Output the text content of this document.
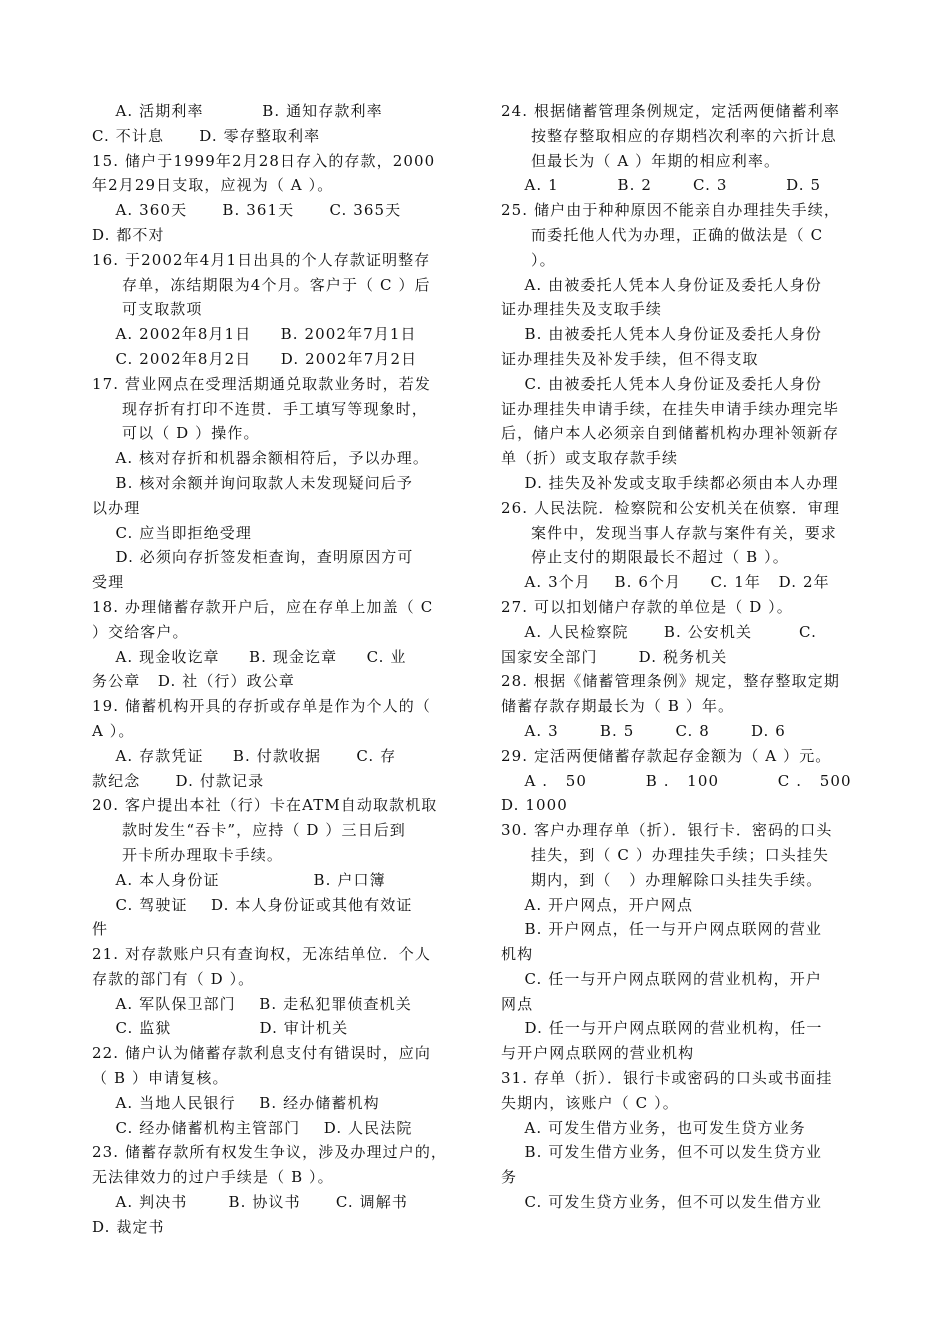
A. 活期利率          B. 通知存款利率
C. 不计息      D. 零存整取利率
15. 储户于1999年2月28日存入的存款，2000
年2月29日支取，应视为（ A ）。
A. 360天      B. 361天      C. 365天
D. 都不对
16. 于2002年4月1日出具的个人存款证明整存
存单，冻结期限为4个月。客户于（ C ）后
可支取款项
A. 2002年8月1日     B. 2002年7月1日
C. 2002年8月2日     D. 2002年7月2日
17. 营业网点在受理活期通兑取款业务时，若发
现存折有打印不连贯．手工填写等现象时，
可以（ D ）操作。
A. 核对存折和机器余额相符后，予以办理。
B. 核对余额并询问取款人未发现疑问后予
以办理
C. 应当即拒绝受理
D. 必须向存折签发柜查询，查明原因方可
受理
18. 办理储蓄存款开户后，应在存单上加盖（ C
）交给客户。
A. 现金收讫章     B. 现金讫章     C. 业
务公章   D. 社（行）政公章
19. 储蓄机构开具的存折或存单是作为个人的（
A ）。
A. 存款凭证     B. 付款收据      C. 存
款纪念      D. 付款记录
20. 客户提出本社（行）卡在ATM自动取款机取
款时发生“吞卡”，应持（ D ）三日后到
开卡所办理取卡手续。
A. 本人身份证                B. 户口簿
C. 驾驶证    D. 本人身份证或其他有效证
件
21. 对存款账户只有查询权，无冻结单位．个人
存款的部门有（ D ）。
A. 军队保卫部门    B. 走私犯罪侦查机关
C. 监狱               D. 审计机关
22. 储户认为储蓄存款利息支付有错误时，应向
（ B ）申请复核。
A. 当地人民银行    B. 经办储蓄机构
C. 经办储蓄机构主管部门    D. 人民法院
23. 储蓄存款所有权发生争议，涉及办理过户的，
无法律效力的过户手续是（ B ）。
A. 判决书       B. 协议书      C. 调解书
D. 裁定书
24. 根据储蓄管理条例规定，定活两便储蓄利率
按整存整取相应的存期档次利率的六折计息
但最长为（ A ）年期的相应利率。
A. 1          B. 2       C. 3          D. 5
25. 储户由于种种原因不能亲自办理挂失手续，
而委托他人代为办理，正确的做法是（ C
）。
A. 由被委托人凭本人身份证及委托人身份
证办理挂失及支取手续
B. 由被委托人凭本人身份证及委托人身份
证办理挂失及补发手续，但不得支取
C. 由被委托人凭本人身份证及委托人身份
证办理挂失申请手续，在挂失申请手续办理完毕
后，储户本人必须亲自到储蓄机构办理补领新存
单（折）或支取存款手续
D. 挂失及补发或支取手续都必须由本人办理
26. 人民法院．检察院和公安机关在侦察．审理
案件中，发现当事人存款与案件有关，要求
停止支付的期限最长不超过（ B ）。
A. 3个月    B. 6个月     C. 1年   D. 2年
27. 可以扣划储户存款的单位是（ D ）。
A. 人民检察院      B. 公安机关        C.
国家安全部门       D. 税务机关
28. 根据《储蓄管理条例》规定，整存整取定期
储蓄存款存期最长为（ B ）年。
A. 3       B. 5       C. 8       D. 6
29. 定活两便储蓄存款起存金额为（ A ）元。
A .   50          B .   100          C .   500
D. 1000
30. 客户办理存单（折）．银行卡．密码的口头
挂失，到（ C ）办理挂失手续；口头挂失
期内，到（   ）办理解除口头挂失手续。
A. 开户网点，开户网点
B. 开户网点，任一与开户网点联网的营业
机构
C. 任一与开户网点联网的营业机构，开户
网点
D. 任一与开户网点联网的营业机构，任一
与开户网点联网的营业机构
31. 存单（折）．银行卡或密码的口头或书面挂
失期内，该账户（ C ）。
A. 可发生借方业务，也可发生贷方业务
B. 可发生借方业务，但不可以发生贷方业
务
C. 可发生贷方业务，但不可以发生借方业
